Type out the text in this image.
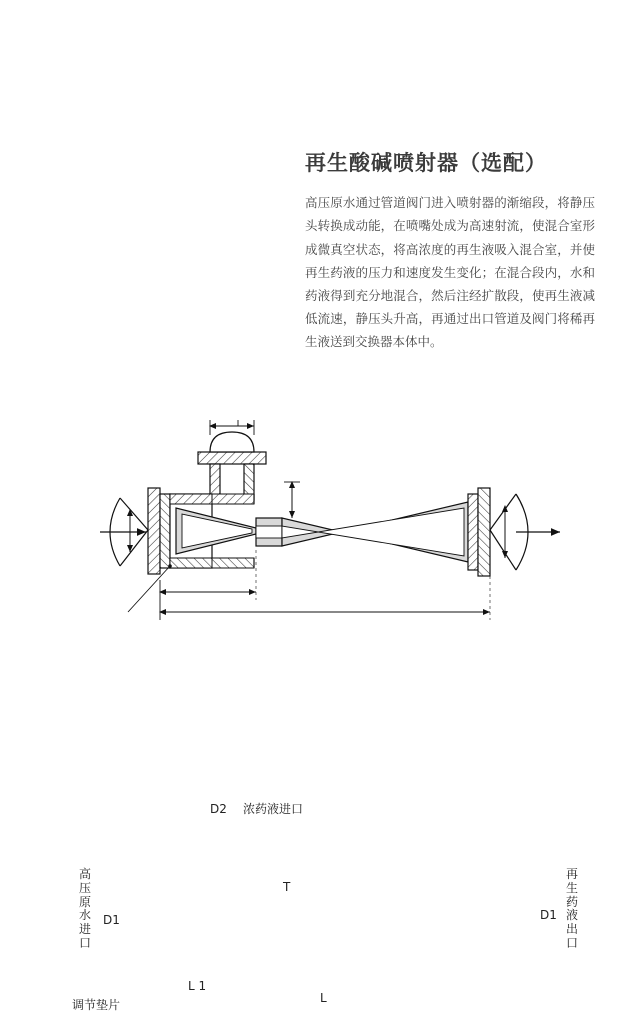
再生酸碱喷射器（选配）

高压原水通过管道阀门进入喷射器的渐缩段，将静压头转换成动能，在喷嘴处成为高速射流，使混合室形成微真空状态，将高浓度的再生液吸入混合室，并使再生药液的压力和速度发生变化；在混合段内，水和药液得到充分地混合，然后注经扩散段，使再生液减低流速，静压头升高，再通过出口管道及阀门将稀再生液送到交换器本体中。

D2 浓药液进口
高压原水进口
D1
再生药液出口
D1
调节垫片
L 1
L
T
